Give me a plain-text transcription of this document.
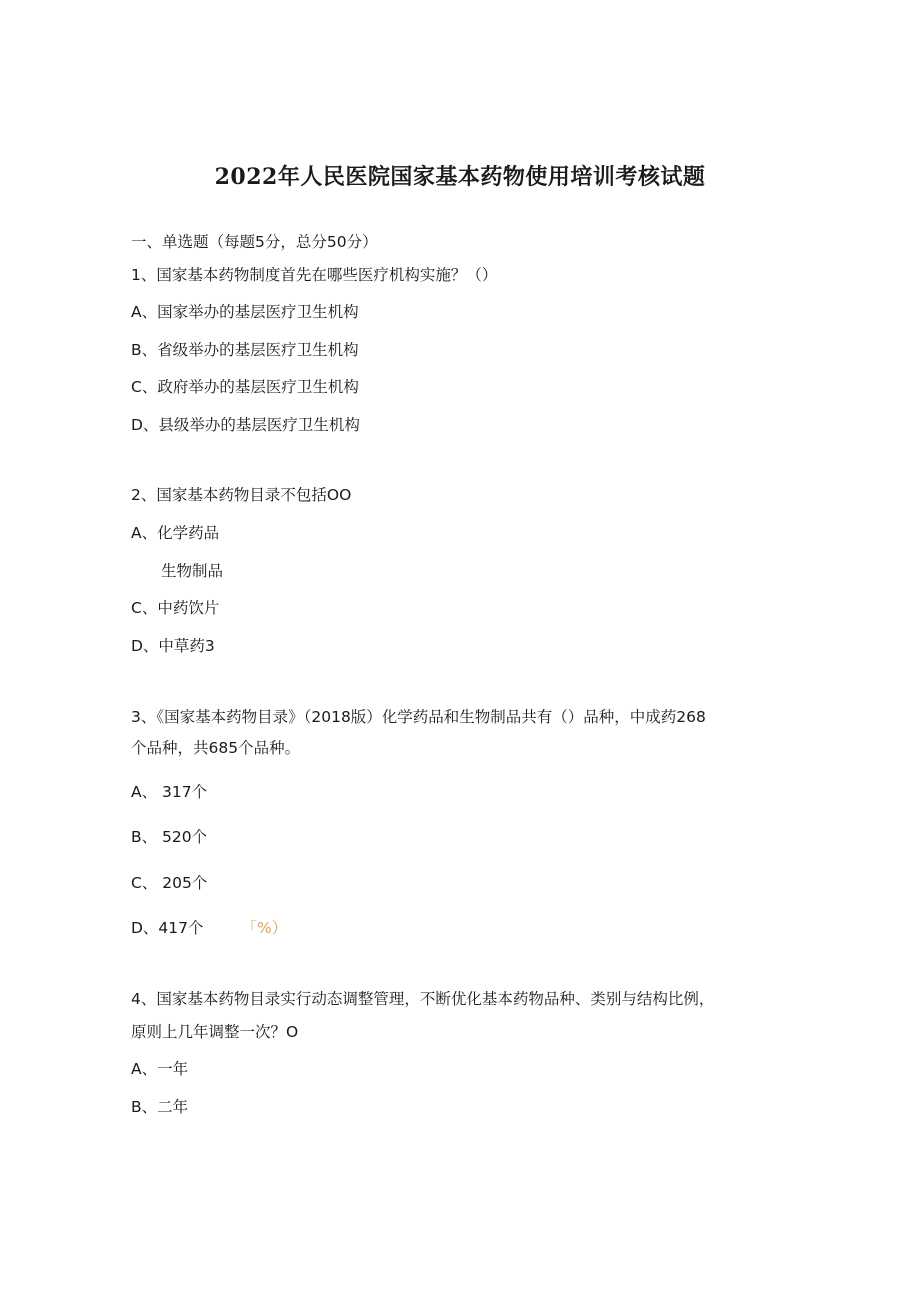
2022年人民医院国家基本药物使用培训考核试题
一、单选题（每题5分，总分50分）
1、国家基本药物制度首先在哪些医疗机构实施？（）
A、国家举办的基层医疗卫生机构
B、省级举办的基层医疗卫生机构
C、政府举办的基层医疗卫生机构
D、县级举办的基层医疗卫生机构
2、国家基本药物目录不包括OO
A、化学药品
生物制品
C、中药饮片
D、中草药3
3、《国家基本药物目录》（2018版）化学药品和生物制品共有（）品种，中成药268
个品种，共685个品种。
A、 317个
B、 520个
C、 205个
D、417个 「%）
4、国家基本药物目录实行动态调整管理，不断优化基本药物品种、类别与结构比例，
原则上几年调整一次？O
A、一年
B、二年
